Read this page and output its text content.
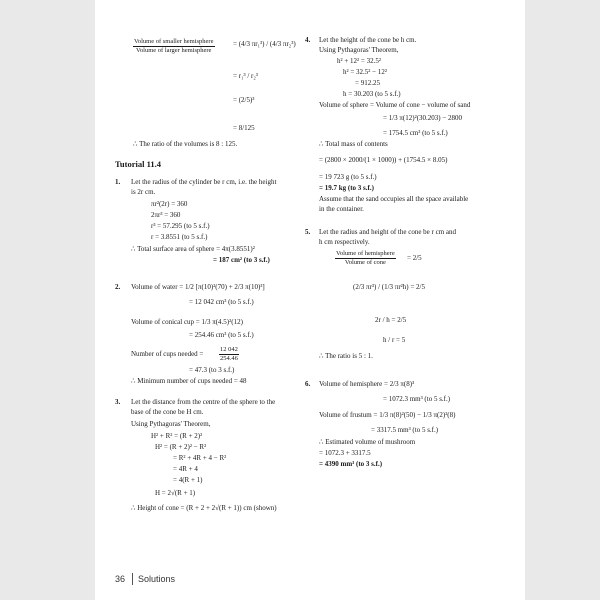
Volume of smaller hemisphere
Volume of larger hemisphere
= (4/3 πr₁³) / (4/3 πr₂³)
= r₁³ / r₂³
= (2/5)³
= 8/125
∴ The ratio of the volumes is 8 : 125.
Tutorial 11.4
1. Let the radius of the cylinder be r cm, i.e. the height
is 2r cm.
πr²(2r) = 360
2πr³ = 360
r³ = 57.295 (to 5 s.f.)
r = 3.8551 (to 5 s.f.)
∴ Total surface area of sphere = 4π(3.8551)²
= 187 cm² (to 3 s.f.)
2. Volume of water = 1/2 [π(10)²(70) + 2/3 π(10)³]
= 12 042 cm³ (to 5 s.f.)
Volume of conical cup = 1/3 π(4.5)²(12)
= 254.46 cm³ (to 5 s.f.)
Number of cups needed = $\frac{12 042}{254.46}$
= 47.3 (to 3 s.f.)
∴ Minimum number of cups needed = 48
3. Let the distance from the centre of the sphere to the
base of the cone be H cm.
Using Pythagoras' Theorem,
H² + R² = (R + 2)²
H² = (R + 2)² − R²
= R² + 4R + 4 − R²
= 4R + 4
= 4(R + 1)
H = 2√(R + 1)
∴ Height of cone = (R + 2 + 2√(R + 1)) cm (shown)
4. Let the height of the cone be h cm.
Using Pythagoras' Theorem,
h² + 12² = 32.5²
h² = 32.5² − 12²
= 912.25
h = 30.203 (to 5 s.f.)
Volume of sphere = Volume of cone − volume of sand
= 1/3 π(12)²(30.203) − 2800
= 1754.5 cm³ (to 5 s.f.)
∴ Total mass of contents
= (2800 × 2000/(1 × 1000)) + (1754.5 × 8.05)
= 19 723 g (to 5 s.f.)
= 19.7 kg (to 3 s.f.)
Assume that the sand occupies all the space available
in the container.
5. Let the radius and height of the cone be r cm and
h cm respectively.
Volume of hemisphere
Volume of cone
= 2/5
(2/3 πr³) / (1/3 πr²h) = 2/5
2r / h = 2/5
h / r = 5
∴ The ratio is 5 : 1.
6. Volume of hemisphere = 2/3 π(8)³
= 1072.3 mm³ (to 5 s.f.)
Volume of frustum = 1/3 π(8)²(50) − 1/3 π(2)²(8)
= 3317.5 mm³ (to 5 s.f.)
∴ Estimated volume of mushroom
= 1072.3 + 3317.5
= 4390 mm³ (to 3 s.f.)
36 Solutions
